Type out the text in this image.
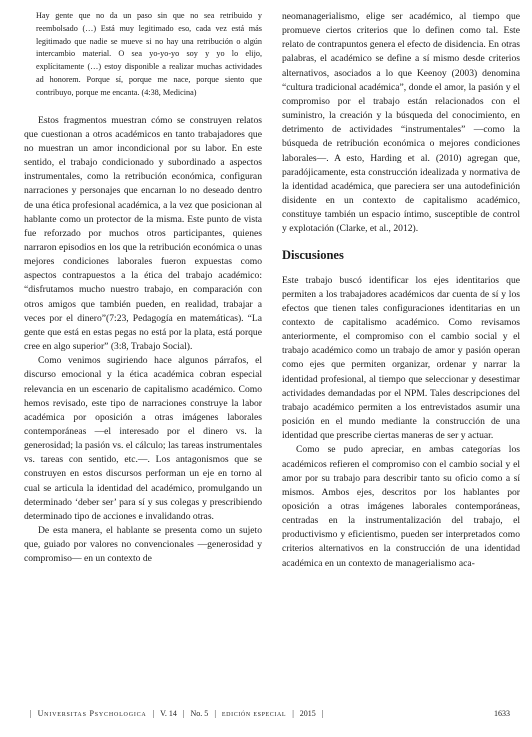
Hay gente que no da un paso sin que no sea retribuido y reembolsado (…) Está muy legitimado eso, cada vez está más legitimado que nadie se mueve si no hay una retribución o algún intercambio material. O sea yo-yo-yo soy y yo lo elijo, explícitamente (…) estoy disponible a realizar muchas actividades ad honorem. Porque sí, porque me nace, porque siento que contribuyo, porque me encanta. (4:38, Medicina)

Estos fragmentos muestran cómo se construyen relatos que cuestionan a otros académicos en tanto trabajadores que no muestran un amor incondicional por su labor. En este sentido, el trabajo condicionado y subordinado a aspectos instrumentales, como la retribución económica, configuran narraciones y personajes que encarnan lo no deseado dentro de una ética profesional académica, a la vez que posicionan al hablante como un protector de la misma. Este punto de vista fue reforzado por muchos otros participantes, quienes narraron episodios en los que la retribución económica o unas mejores condiciones laborales fueron expuestas como aspectos contrapuestos a la ética del trabajo académico: “disfrutamos mucho nuestro trabajo, en comparación con otros amigos que también pueden, en realidad, trabajar a veces por el dinero”(7:23, Pedagogía en matemáticas). “La gente que está en estas pegas no está por la plata, está porque cree en algo superior” (3:8, Trabajo Social).

Como venimos sugiriendo hace algunos párrafos, el discurso emocional y la ética académica cobran especial relevancia en un escenario de capitalismo académico. Como hemos revisado, este tipo de narraciones construye la labor académica por oposición a otras imágenes laborales contemporáneas —el interesado por el dinero vs. la generosidad; la pasión vs. el cálculo; las tareas instrumentales vs. tareas con sentido, etc.—. Los antagonismos que se construyen en estos discursos performan un eje en torno al cual se articula la identidad del académico, promulgando un determinado ‘deber ser’ para sí y sus colegas y prescribiendo determinado tipo de acciones e invalidando otras.

De esta manera, el hablante se presenta como un sujeto que, guiado por valores no convencionales —generosidad y compromiso— en un contexto de

neomanagerialismo, elige ser académico, al tiempo que promueve ciertos criterios que lo definen como tal. Este relato de contrapuntos genera el efecto de disidencia. En otras palabras, el académico se define a sí mismo desde criterios alternativos, asociados a lo que Keenoy (2003) denomina “cultura tradicional académica”, donde el amor, la pasión y el compromiso por el trabajo están relacionados con el suministro, la creación y la búsqueda del conocimiento, en detrimento de actividades “instrumentales” —como la búsqueda de retribución económica o mejores condiciones laborales—. A esto, Harding et al. (2010) agregan que, paradójicamente, esta construcción idealizada y normativa de la identidad académica, que pareciera ser una autodefinición disidente en un contexto de capitalismo académico, constituye también un espacio íntimo, susceptible de control y explotación (Clarke, et al., 2012).

Discusiones

Este trabajo buscó identificar los ejes identitarios que permiten a los trabajadores académicos dar cuenta de sí y los efectos que tienen tales configuraciones identitarias en un contexto de capitalismo académico. Como revisamos anteriormente, el compromiso con el cambio social y el trabajo académico como un trabajo de amor y pasión operan como ejes que permiten organizar, ordenar y narrar la identidad profesional, al tiempo que seleccionar y desestimar actividades demandadas por el NPM. Tales descripciones del trabajo académico permiten a los entrevistados asumir una posición en el mundo mediante la construcción de una identidad que prescribe ciertas maneras de ser y actuar.

Como se pudo apreciar, en ambas categorías los académicos refieren el compromiso con el cambio social y el amor por su trabajo para describir tanto su oficio como a sí mismos. Ambos ejes, descritos por los hablantes por oposición a otras imágenes laborales contemporáneas, centradas en la instrumentalización del trabajo, el productivismo y eficientismo, pueden ser interpretados como criterios alternativos en la construcción de una identidad académica en un contexto de managerialismo aca-

| Universitas Psychologica | V. 14 | No. 5 | edición especial | 2015 |	1633
